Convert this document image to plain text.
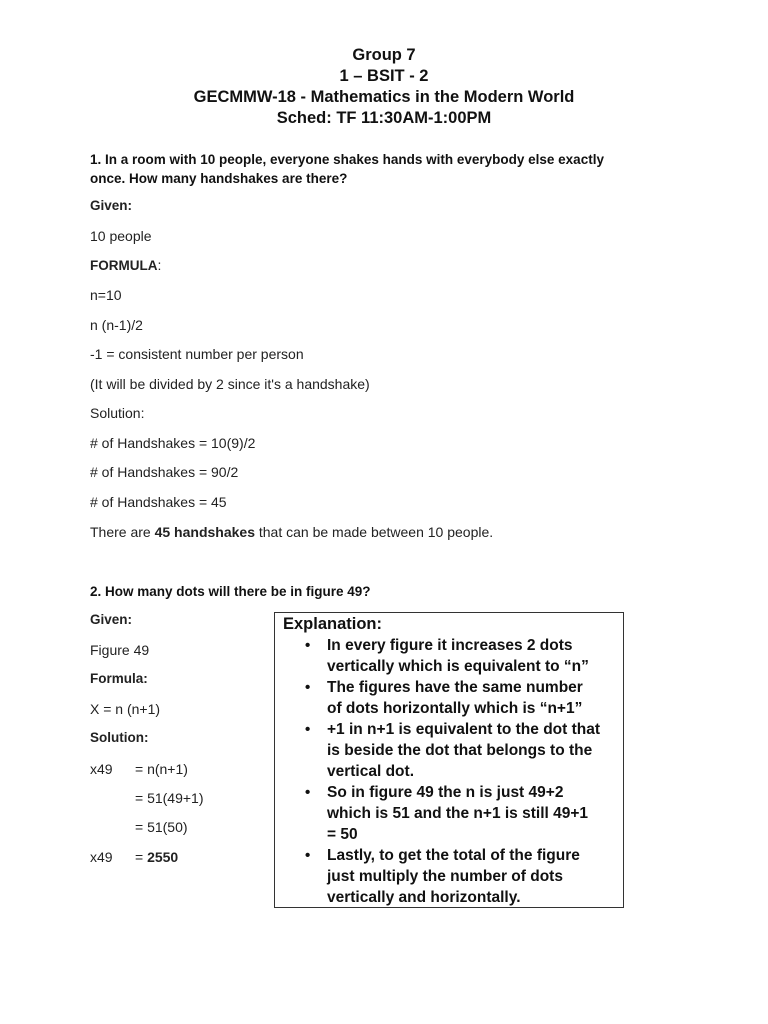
Group 7
1 – BSIT - 2
GECMMW-18 - Mathematics in the Modern World
Sched: TF 11:30AM-1:00PM
1. In a room with 10 people, everyone shakes hands with everybody else exactly
once. How many handshakes are there?
Given:
10 people
FORMULA:
n=10
n (n-1)/2
-1 = consistent number per person
(It will be divided by 2 since it's a handshake)
Solution:
# of Handshakes = 10(9)/2
# of Handshakes = 90/2
# of Handshakes = 45
There are 45 handshakes that can be made between 10 people.
2. How many dots will there be in figure 49?
Given:
Figure 49
Formula:
X = n (n+1)
Solution:
x49 = n(n+1)
= 51(49+1)
= 51(50)
x49 = 2550
Explanation:
• In every figure it increases 2 dots
vertically which is equivalent to “n”
• The figures have the same number
of dots horizontally which is “n+1”
• +1 in n+1 is equivalent to the dot that
is beside the dot that belongs to the
vertical dot.
• So in figure 49 the n is just 49+2
which is 51 and the n+1 is still 49+1
= 50
• Lastly, to get the total of the figure
just multiply the number of dots
vertically and horizontally.
